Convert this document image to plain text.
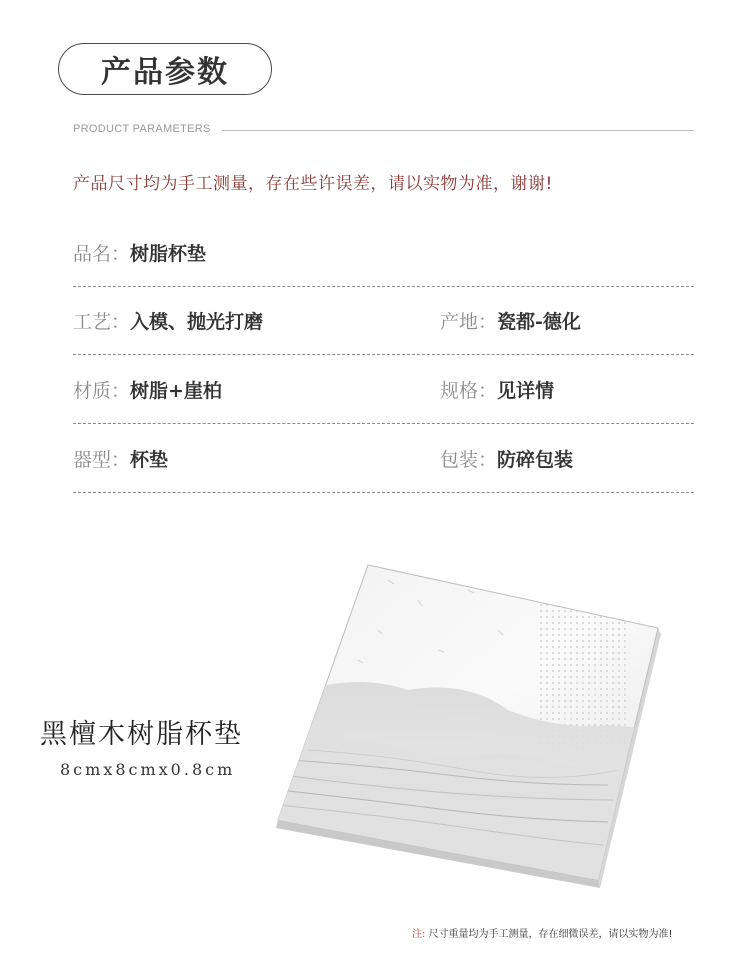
产品参数
PRODUCT PARAMETERS
产品尺寸均为手工测量，存在些许误差，请以实物为准，谢谢!
品名：树脂杯垫
工艺：入模、抛光打磨	产地：瓷都-德化
材质：树脂+崖柏	规格：见详情
器型：杯垫	包装：防碎包装
黑檀木树脂杯垫
8cmx8cmx0.8cm
注: 尺寸重量均为手工测量，存在细微误差，请以实物为准!
